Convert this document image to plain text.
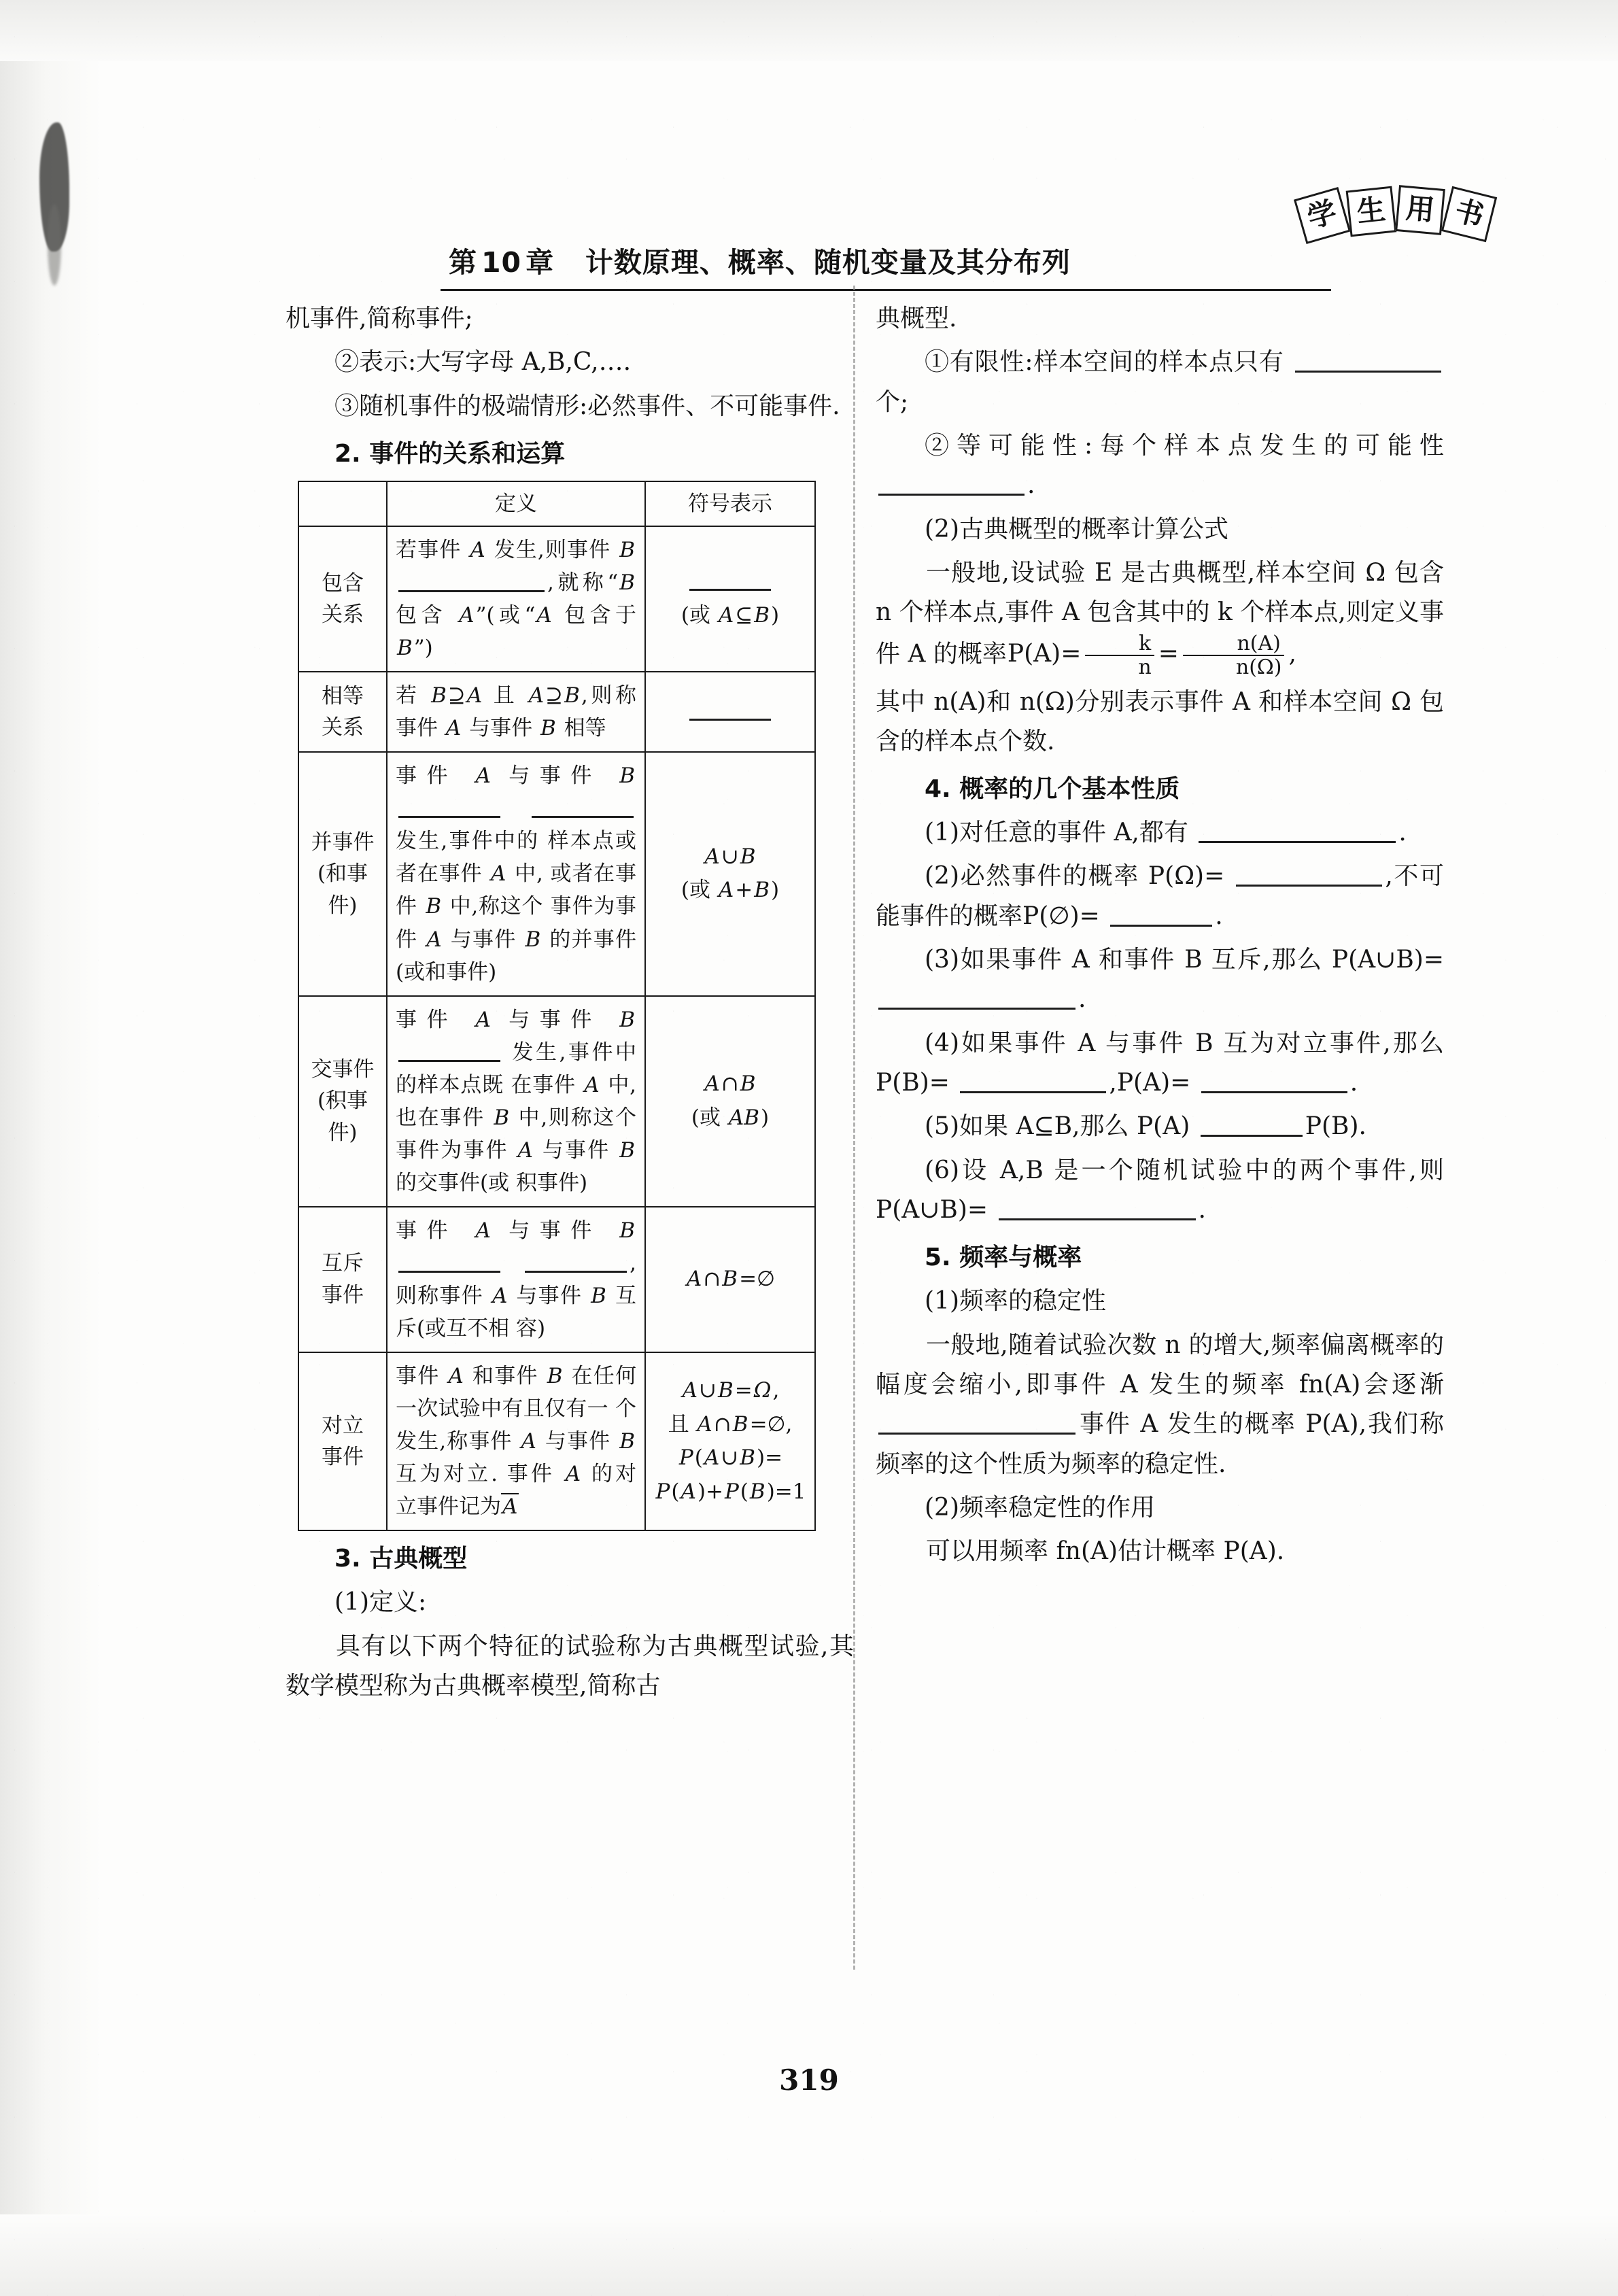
第 10 章 计数原理、概率、随机变量及其分布列
学 生 用 书

机事件,简称事件;

②表示:大写字母 A,B,C,….

③随机事件的极端情形:必然事件、不可能事件.

2. 事件的关系和运算
	定义	符号表示
包含
关系	若事件 A 发生,则事件 B ,就称“B 包含 A”(或“A 包含于 B”)	(或 A⊆B)
相等
关系	若 B⊇A 且 A⊇B,则称 事件 A 与事件 B 相等	
并事件
(和事件)	事件 A 与事件 B  发生,事件中的 样本点或者在事件 A 中, 或者在事件 B 中,称这个 事件为事件 A 与事件 B 的并事件(或和事件)	A∪B
(或 A+B)
交事件
(积事件)	事件 A 与事件 B  发生,事件中的样本点既 在事件 A 中,也在事件 B 中,则称这个事件为事件 A 与事件 B 的交事件(或 积事件)	A∩B
(或 AB)
互斥
事件	事件 A 与事件 B  ,则称事件 A 与事件 B 互斥(或互不相 容)	A∩B=∅
对立
事件	事件 A 和事件 B 在任何 一次试验中有且仅有一 个发生,称事件 A 与事件 B 互为对立. 事件 A 的对 立事件记为A	A∪B=Ω,
且 A∩B=∅,
P(A∪B)=
P(A)+P(B)=1
3. 古典概型

(1)定义:

具有以下两个特征的试验称为古典概型试验,其数学模型称为古典概率模型,简称古

典概型.

①有限性:样本空间的样本点只有 个;

②等可能性:每个样本点发生的可能性 .

(2)古典概型的概率计算公式

一般地,设试验 E 是古典概型,样本空间 Ω 包含 n 个样本点,事件 A 包含其中的 k 个样本点,则定义事件 A 的概率$P(A)= \frac{k}{n} = \frac{n(A)}{n(\Omega)}$ ,

其中 n(A)和 n(Ω)分别表示事件 A 和样本空间 Ω 包含的样本点个数.

4. 概率的几个基本性质

(1)对任意的事件 A,都有	.

(2)必然事件的概率 P(Ω)=	,不可能事件的概率P(∅)=	.

(3)如果事件 A 和事件 B 互斥,那么 P(A∪B)= .

(4)如果事件 A 与事件 B 互为对立事件,那么 P(B)=	,P(A)=	.

(5)如果 A⊆B,那么 P(A)	P(B).

(6)设 A,B 是一个随机试验中的两个事件,则 P(A∪B)=	.

5. 频率与概率

(1)频率的稳定性

一般地,随着试验次数 n 的增大,频率偏离概率的幅度会缩小,即事件 A 发生的频率 fn(A)会逐渐 事件 A 发生的概率 P(A),我们称频率的这个性质为频率的稳定性.

(2)频率稳定性的作用

可以用频率 fn(A)估计概率 P(A).

319
